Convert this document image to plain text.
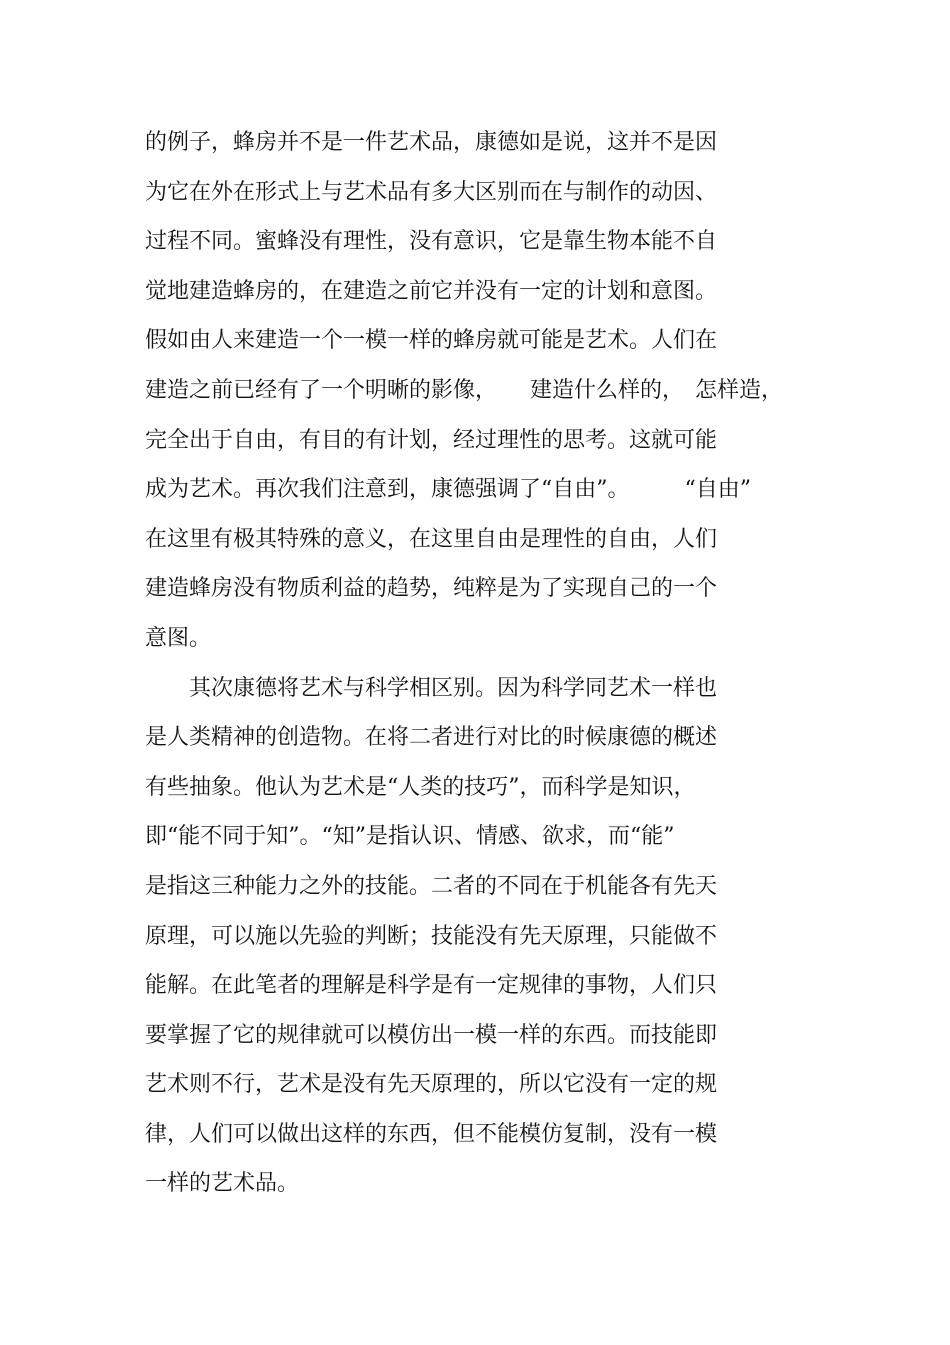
的例子，蜂房并不是一件艺术品，康德如是说，这并不是因
为它在外在形式上与艺术品有多大区别而在与制作的动因、
过程不同。蜜蜂没有理性，没有意识，它是靠生物本能不自
觉地建造蜂房的，在建造之前它并没有一定的计划和意图。
假如由人来建造一个一模一样的蜂房就可能是艺术。人们在
建造之前已经有了一个明晰的影像，　　建造什么样的，　怎样造，
完全出于自由，有目的有计划，经过理性的思考。这就可能
成为艺术。再次我们注意到，康德强调了“自由”。　　　“自由”
在这里有极其特殊的意义，在这里自由是理性的自由，人们
建造蜂房没有物质利益的趋势，纯粹是为了实现自己的一个
意图。
　　其次康德将艺术与科学相区别。因为科学同艺术一样也
是人类精神的创造物。在将二者进行对比的时候康德的概述
有些抽象。他认为艺术是“人类的技巧”，而科学是知识，
即“能不同于知”。“知”是指认识、情感、欲求，而“能”
是指这三种能力之外的技能。二者的不同在于机能各有先天
原理，可以施以先验的判断；技能没有先天原理，只能做不
能解。在此笔者的理解是科学是有一定规律的事物，人们只
要掌握了它的规律就可以模仿出一模一样的东西。而技能即
艺术则不行，艺术是没有先天原理的，所以它没有一定的规
律，人们可以做出这样的东西，但不能模仿复制，没有一模
一样的艺术品。
